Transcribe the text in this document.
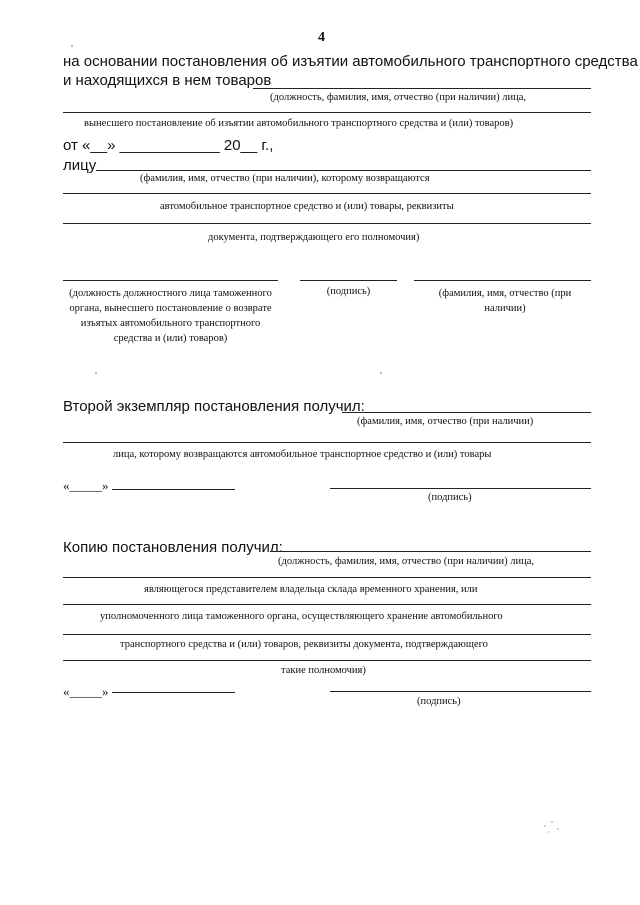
4
на основании постановления об изъятии автомобильного транспортного средства
и находящихся в нем товаров
(должность, фамилия, имя, отчество (при наличии) лица,
вынесшего постановление об изъятии автомобильного транспортного средства и (или) товаров)
от «__» ____________ 20__ г.,
лицу
(фамилия, имя, отчество (при наличии), которому возвращаются
автомобильное транспортное средство и (или) товары, реквизиты
документа, подтверждающего его полномочия)
(должность должностного лица таможенного органа, вынесшего постановление о возврате изъятых автомобильного транспортного средства и (или) товаров)
(подпись)	(фамилия, имя, отчество (при наличии)
Второй экземпляр постановления получил:
(фамилия, имя, отчество (при наличии)
лица, которому возвращаются автомобильное транспортное средство и (или) товары
«_____»
(подпись)
Копию постановления получил:
(должность, фамилия, имя, отчество (при наличии) лица,
являющегося представителем владельца склада временного хранения, или
уполномоченного лица таможенного органа, осуществляющего хранение автомобильного
транспортного средства и (или) товаров, реквизиты документа, подтверждающего
такие полномочия)
«_____»
(подпись)
